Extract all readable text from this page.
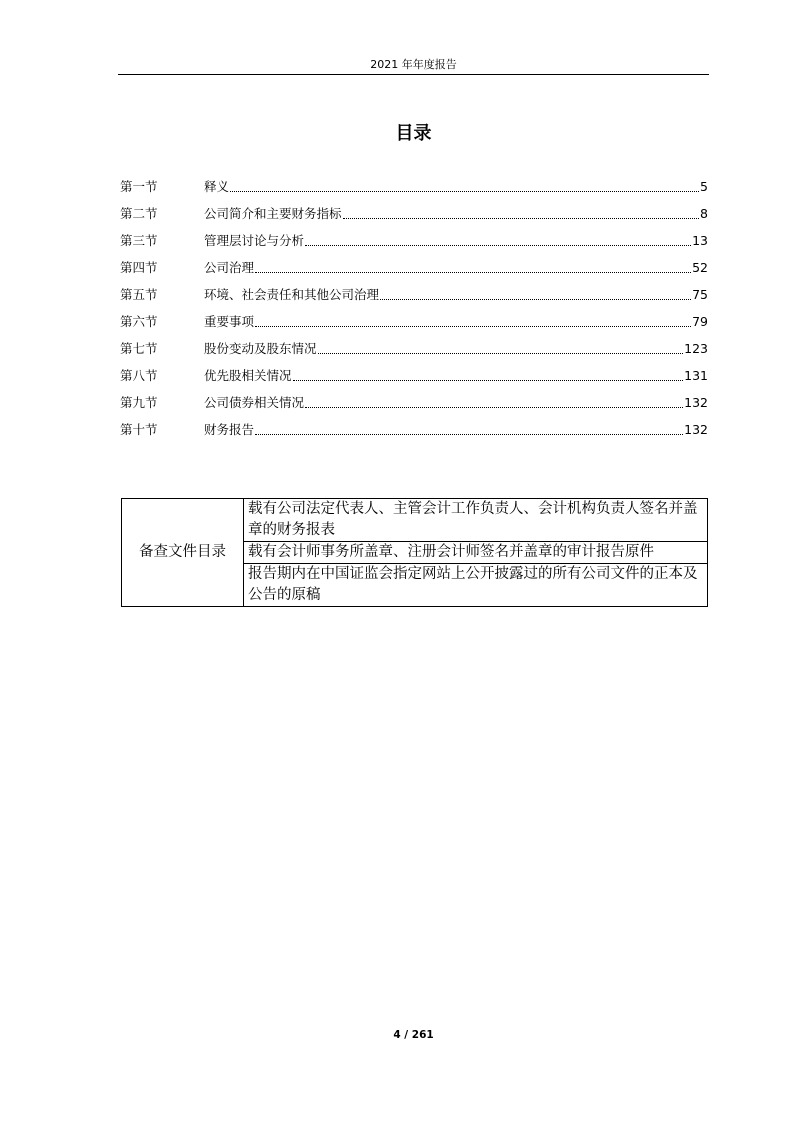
2021 年年度报告
目录
第一节	释义	5
第二节	公司简介和主要财务指标	8
第三节	管理层讨论与分析	13
第四节	公司治理	52
第五节	环境、社会责任和其他公司治理	75
第六节	重要事项	79
第七节	股份变动及股东情况	123
第八节	优先股相关情况	131
第九节	公司债券相关情况	132
第十节	财务报告	132
备查文件目录	载有公司法定代表人、主管会计工作负责人、会计机构负责人签名并盖章的财务报表
载有会计师事务所盖章、注册会计师签名并盖章的审计报告原件
报告期内在中国证监会指定网站上公开披露过的所有公司文件的正本及公告的原稿
4 / 261
